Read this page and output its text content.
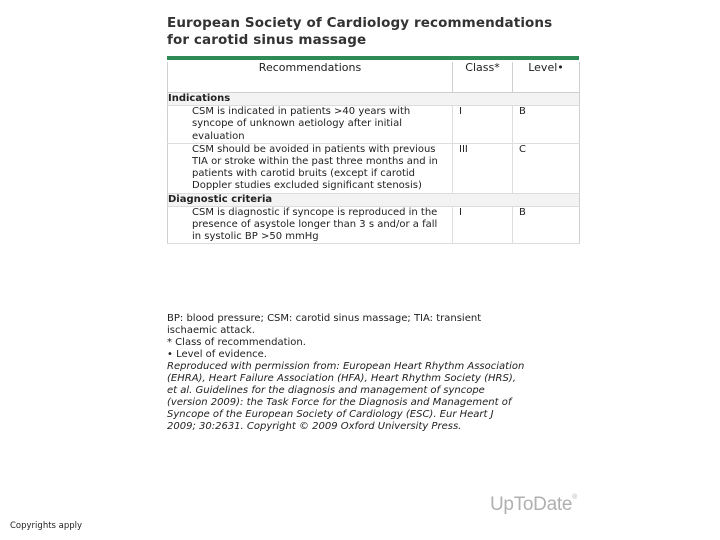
European Society of Cardiology recommendations
for carotid sinus massage
Recommendations	Class*	Level•
Indications		
CSM is indicated in patients >40 years with syncope of unknown aetiology after initial evaluation	I	B
CSM should be avoided in patients with previous TIA or stroke within the past three months and in patients with carotid bruits (except if carotid Doppler studies excluded significant stenosis)	III	C
Diagnostic criteria		
CSM is diagnostic if syncope is reproduced in the presence of asystole longer than 3 s and/or a fall in systolic BP >50 mmHg	I	B
BP: blood pressure; CSM: carotid sinus massage; TIA: transient
ischaemic attack.
* Class of recommendation.
• Level of evidence.
Reproduced with permission from: European Heart Rhythm Association
(EHRA), Heart Failure Association (HFA), Heart Rhythm Society (HRS),
et al. Guidelines for the diagnosis and management of syncope
(version 2009): the Task Force for the Diagnosis and Management of
Syncope of the European Society of Cardiology (ESC). Eur Heart J
2009; 30:2631. Copyright © 2009 Oxford University Press.
UpToDate®
Copyrights apply
